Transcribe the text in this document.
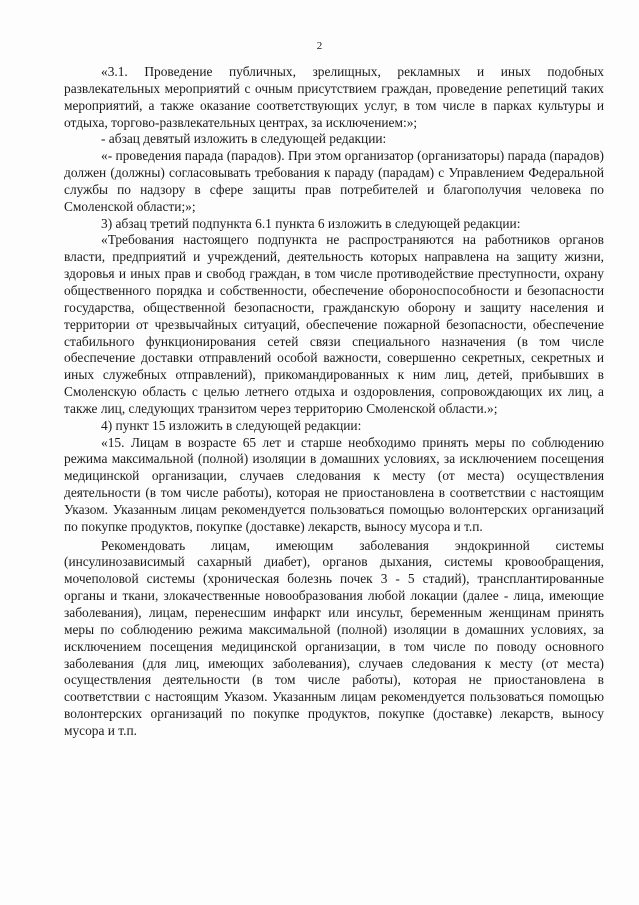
2

«3.1. Проведение публичных, зрелищных, рекламных и иных подобных развлекательных мероприятий с очным присутствием граждан, проведение репетиций таких мероприятий, а также оказание соответствующих услуг, в том числе в парках культуры и отдыха, торгово-развлекательных центрах, за исключением:»;

- абзац девятый изложить в следующей редакции:

«- проведения парада (парадов). При этом организатор (организаторы) парада (парадов) должен (должны) согласовывать требования к параду (парадам) с Управлением Федеральной службы по надзору в сфере защиты прав потребителей и благополучия человека по Смоленской области;»;

3) абзац третий подпункта 6.1 пункта 6 изложить в следующей редакции:

«Требования настоящего подпункта не распространяются на работников органов власти, предприятий и учреждений, деятельность которых направлена на защиту жизни, здоровья и иных прав и свобод граждан, в том числе противодействие преступности, охрану общественного порядка и собственности, обеспечение обороноспособности и безопасности государства, общественной безопасности, гражданскую оборону и защиту населения и территории от чрезвычайных ситуаций, обеспечение пожарной безопасности, обеспечение стабильного функционирования сетей связи специального назначения (в том числе обеспечение доставки отправлений особой важности, совершенно секретных, секретных и иных служебных отправлений), прикомандированных к ним лиц, детей, прибывших в Смоленскую область с целью летнего отдыха и оздоровления, сопровождающих их лиц, а также лиц, следующих транзитом через территорию Смоленской области.»;

4) пункт 15 изложить в следующей редакции:

«15. Лицам в возрасте 65 лет и старше необходимо принять меры по соблюдению режима максимальной (полной) изоляции в домашних условиях, за исключением посещения медицинской организации, случаев следования к месту (от места) осуществления деятельности (в том числе работы), которая не приостановлена в соответствии с настоящим Указом. Указанным лицам рекомендуется пользоваться помощью волонтерских организаций по покупке продуктов, покупке (доставке) лекарств, выносу мусора и т.п.

Рекомендовать лицам, имеющим заболевания эндокринной системы (инсулинозависимый сахарный диабет), органов дыхания, системы кровообращения, мочеполовой системы (хроническая болезнь почек 3 - 5 стадий), трансплантированные органы и ткани, злокачественные новообразования любой локации (далее - лица, имеющие заболевания), лицам, перенесшим инфаркт или инсульт, беременным женщинам принять меры по соблюдению режима максимальной (полной) изоляции в домашних условиях, за исключением посещения медицинской организации, в том числе по поводу основного заболевания (для лиц, имеющих заболевания), случаев следования к месту (от места) осуществления деятельности (в том числе работы), которая не приостановлена в соответствии с настоящим Указом. Указанным лицам рекомендуется пользоваться помощью волонтерских организаций по покупке продуктов, покупке (доставке) лекарств, выносу мусора и т.п.
